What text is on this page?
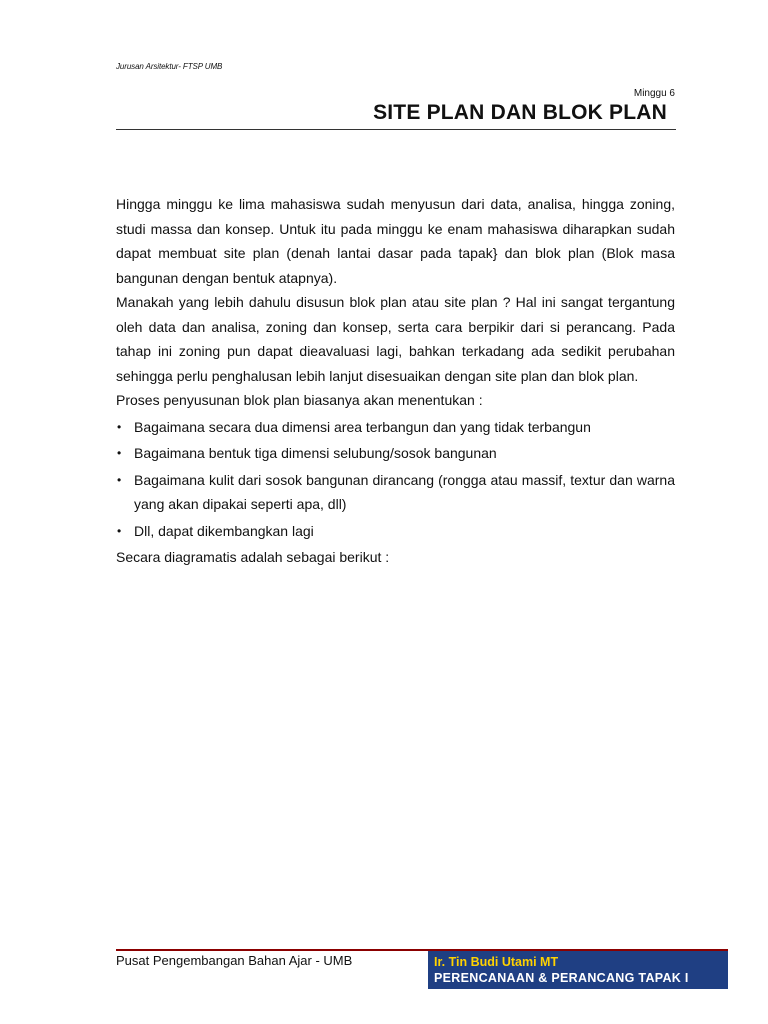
Jurusan Arsitektur- FTSP UMB
Minggu 6
SITE PLAN DAN BLOK PLAN

Hingga minggu ke lima mahasiswa sudah menyusun dari data, analisa, hingga zoning, studi massa dan konsep. Untuk itu pada minggu ke enam mahasiswa diharapkan sudah dapat membuat site plan (denah lantai dasar pada tapak} dan blok plan (Blok masa bangunan dengan bentuk atapnya).

Manakah yang lebih dahulu disusun blok plan atau site plan ? Hal ini sangat tergantung oleh data dan analisa, zoning dan konsep, serta cara berpikir dari si perancang. Pada tahap ini zoning pun dapat dieavaluasi lagi, bahkan terkadang ada sedikit perubahan sehingga perlu penghalusan lebih lanjut disesuaikan dengan site plan dan blok plan.

Proses penyusunan blok plan biasanya akan menentukan :

• Bagaimana secara dua dimensi area terbangun dan yang tidak terbangun
• Bagaimana bentuk tiga dimensi selubung/sosok bangunan
• Bagaimana kulit dari sosok bangunan dirancang (rongga atau massif, textur dan warna yang akan dipakai seperti apa, dll)
• Dll, dapat dikembangkan lagi

Secara diagramatis adalah sebagai berikut :

Pusat Pengembangan Bahan Ajar - UMB	Ir. Tin Budi Utami MT
PERENCANAAN & PERANCANG TAPAK I
